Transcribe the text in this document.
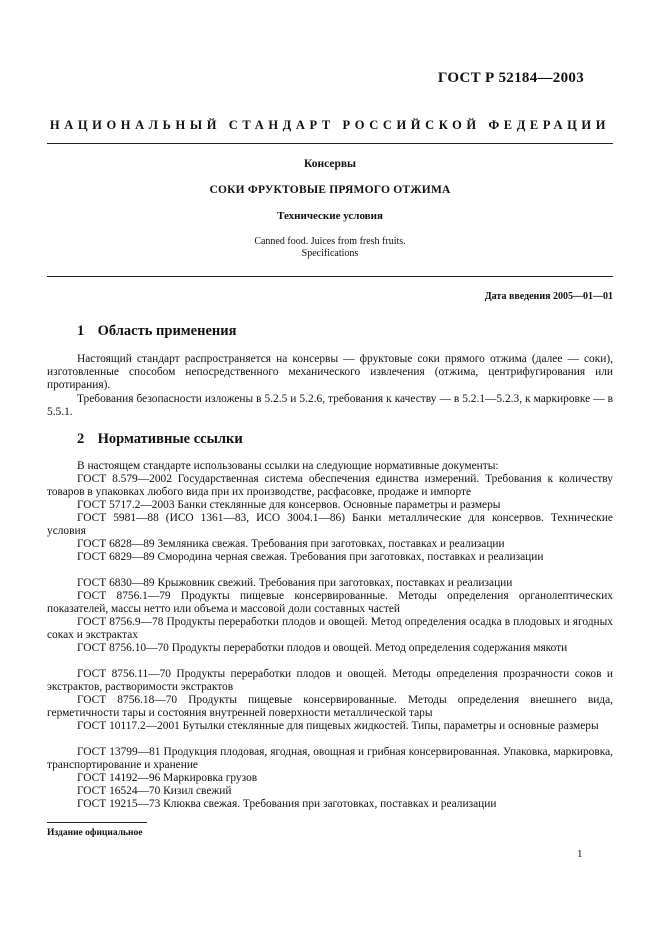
ГОСТ Р 52184—2003
НАЦИОНАЛЬНЫЙ СТАНДАРТ РОССИЙСКОЙ ФЕДЕРАЦИИ
Консервы
СОКИ ФРУКТОВЫЕ ПРЯМОГО ОТЖИМА
Технические условия
Canned food. Juices from fresh fruits.
Specifications
Дата введения 2005—01—01
1 Область применения

Настоящий стандарт распространяется на консервы — фруктовые соки прямого отжима (далее — соки), изготовленные способом непосредственного механического извлечения (отжима, центрифугирования или протирания).

Требования безопасности изложены в 5.2.5 и 5.2.6, требования к качеству — в 5.2.1—5.2.3, к маркировке — в 5.5.1.

2 Нормативные ссылки

В настоящем стандарте использованы ссылки на следующие нормативные документы:

ГОСТ 8.579—2002 Государственная система обеспечения единства измерений. Требования к количеству товаров в упаковках любого вида при их производстве, расфасовке, продаже и импорте
ГОСТ 5717.2—2003 Банки стеклянные для консервов. Основные параметры и размеры
ГОСТ 5981—88 (ИСО 1361—83, ИСО 3004.1—86) Банки металлические для консервов. Технические условия
ГОСТ 6828—89 Земляника свежая. Требования при заготовках, поставках и реализации
ГОСТ 6829—89 Смородина черная свежая. Требования при заготовках, поставках и реализации
ГОСТ 6830—89 Крыжовник свежий. Требования при заготовках, поставках и реализации
ГОСТ 8756.1—79 Продукты пищевые консервированные. Методы определения органолептических показателей, массы нетто или объема и массовой доли составных частей
ГОСТ 8756.9—78 Продукты переработки плодов и овощей. Метод определения осадка в плодовых и ягодных соках и экстрактах
ГОСТ 8756.10—70 Продукты переработки плодов и овощей. Метод определения содержания мякоти
ГОСТ 8756.11—70 Продукты переработки плодов и овощей. Методы определения прозрачности соков и экстрактов, растворимости экстрактов
ГОСТ 8756.18—70 Продукты пищевые консервированные. Методы определения внешнего вида, герметичности тары и состояния внутренней поверхности металлической тары
ГОСТ 10117.2—2001 Бутылки стеклянные для пищевых жидкостей. Типы, параметры и основные размеры
ГОСТ 13799—81 Продукция плодовая, ягодная, овощная и грибная консервированная. Упаковка, маркировка, транспортирование и хранение
ГОСТ 14192—96 Маркировка грузов
ГОСТ 16524—70 Кизил свежий
ГОСТ 19215—73 Клюква свежая. Требования при заготовках, поставках и реализации
Издание официальное
1
